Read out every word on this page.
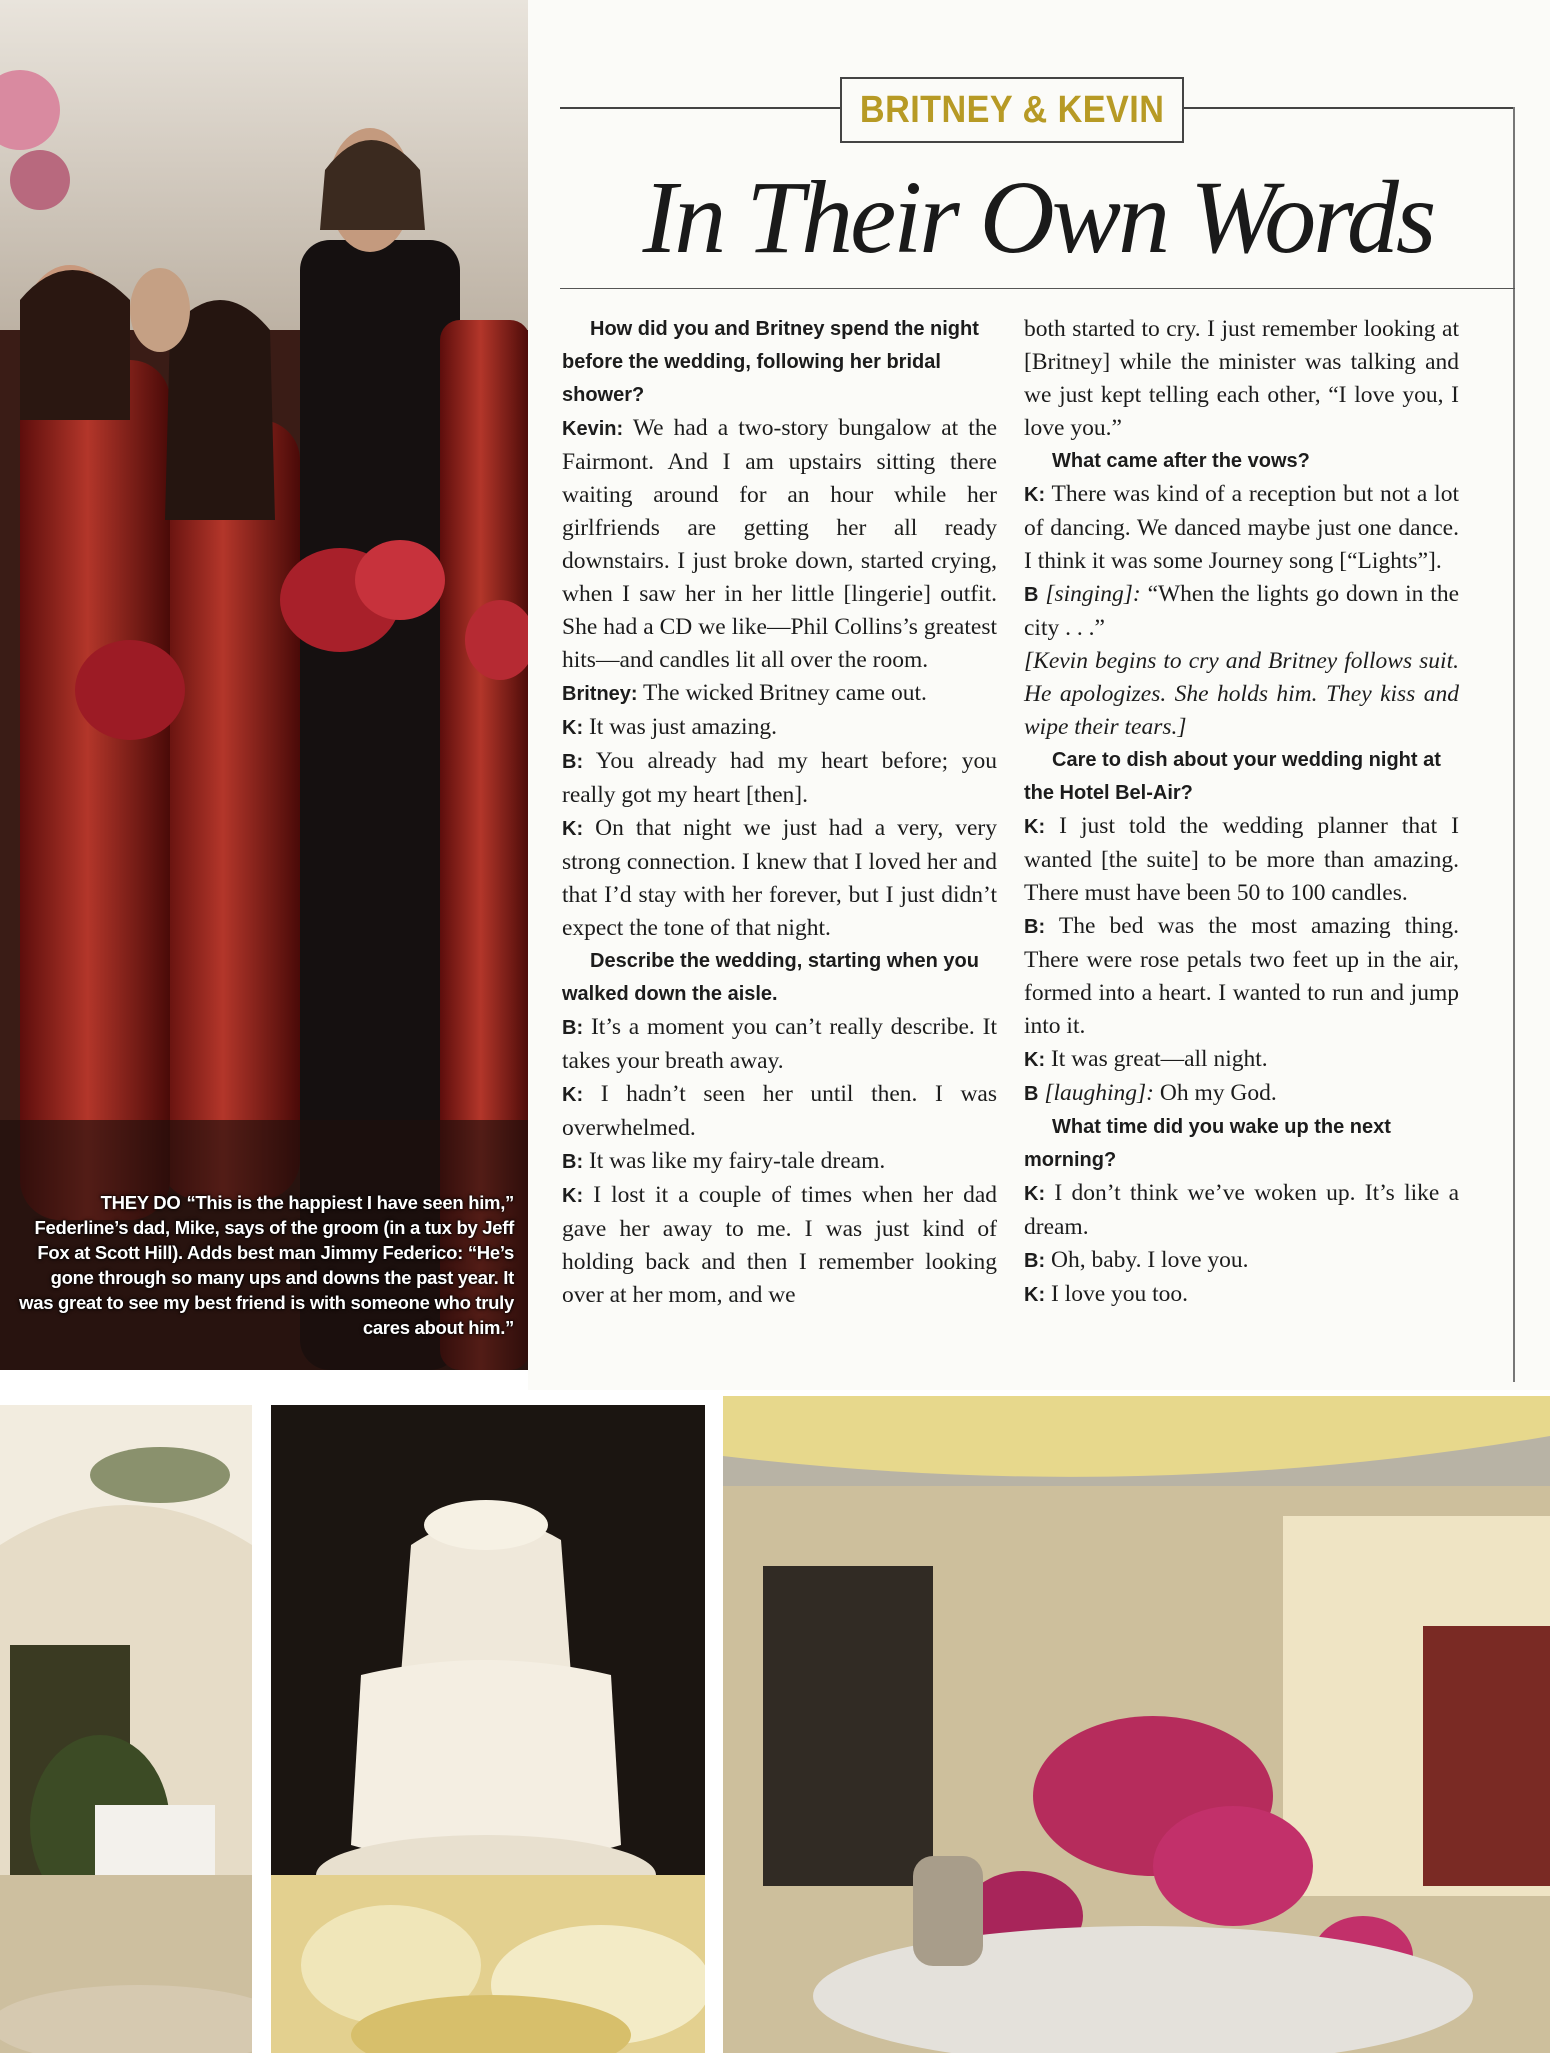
THEY DO “This is the happiest I have seen him,” Federline’s dad, Mike, says of the groom (in a tux by Jeff Fox at Scott Hill). Adds best man Jimmy Federico: “He’s gone through so many ups and downs the past year. It was great to see my best friend is with someone who truly cares about him.”
BRITNEY & KEVIN
In Their Own Words

How did you and Britney spend the night before the wedding, following her bridal shower?

Kevin: We had a two-story bungalow at the Fairmont. And I am upstairs sitting there waiting around for an hour while her girlfriends are getting her all ready downstairs. I just broke down, started crying, when I saw her in her little [lingerie] outfit. She had a CD we like—Phil Collins’s greatest hits—and candles lit all over the room.

Britney: The wicked Britney came out.

K: It was just amazing.

B: You already had my heart before; you really got my heart [then].

K: On that night we just had a very, very strong connection. I knew that I loved her and that I’d stay with her forever, but I just didn’t expect the tone of that night.

Describe the wedding, starting when you walked down the aisle.

B: It’s a moment you can’t really describe. It takes your breath away.

K: I hadn’t seen her until then. I was overwhelmed.

B: It was like my fairy-tale dream.

K: I lost it a couple of times when her dad gave her away to me. I was just kind of holding back and then I remember looking over at her mom, and we

both started to cry. I just remember looking at [Britney] while the minister was talking and we just kept telling each other, “I love you, I love you.”

What came after the vows?

K: There was kind of a reception but not a lot of dancing. We danced maybe just one dance. I think it was some Journey song [“Lights”].

B [singing]: “When the lights go down in the city . . .”

[Kevin begins to cry and Britney follows suit. He apologizes. She holds him. They kiss and wipe their tears.]

Care to dish about your wedding night at the Hotel Bel-Air?

K: I just told the wedding planner that I wanted [the suite] to be more than amazing. There must have been 50 to 100 candles.

B: The bed was the most amazing thing. There were rose petals two feet up in the air, formed into a heart. I wanted to run and jump into it.

K: It was great—all night.

B [laughing]: Oh my God.

What time did you wake up the next morning?

K: I don’t think we’ve woken up. It’s like a dream.

B: Oh, baby. I love you.

K: I love you too.
